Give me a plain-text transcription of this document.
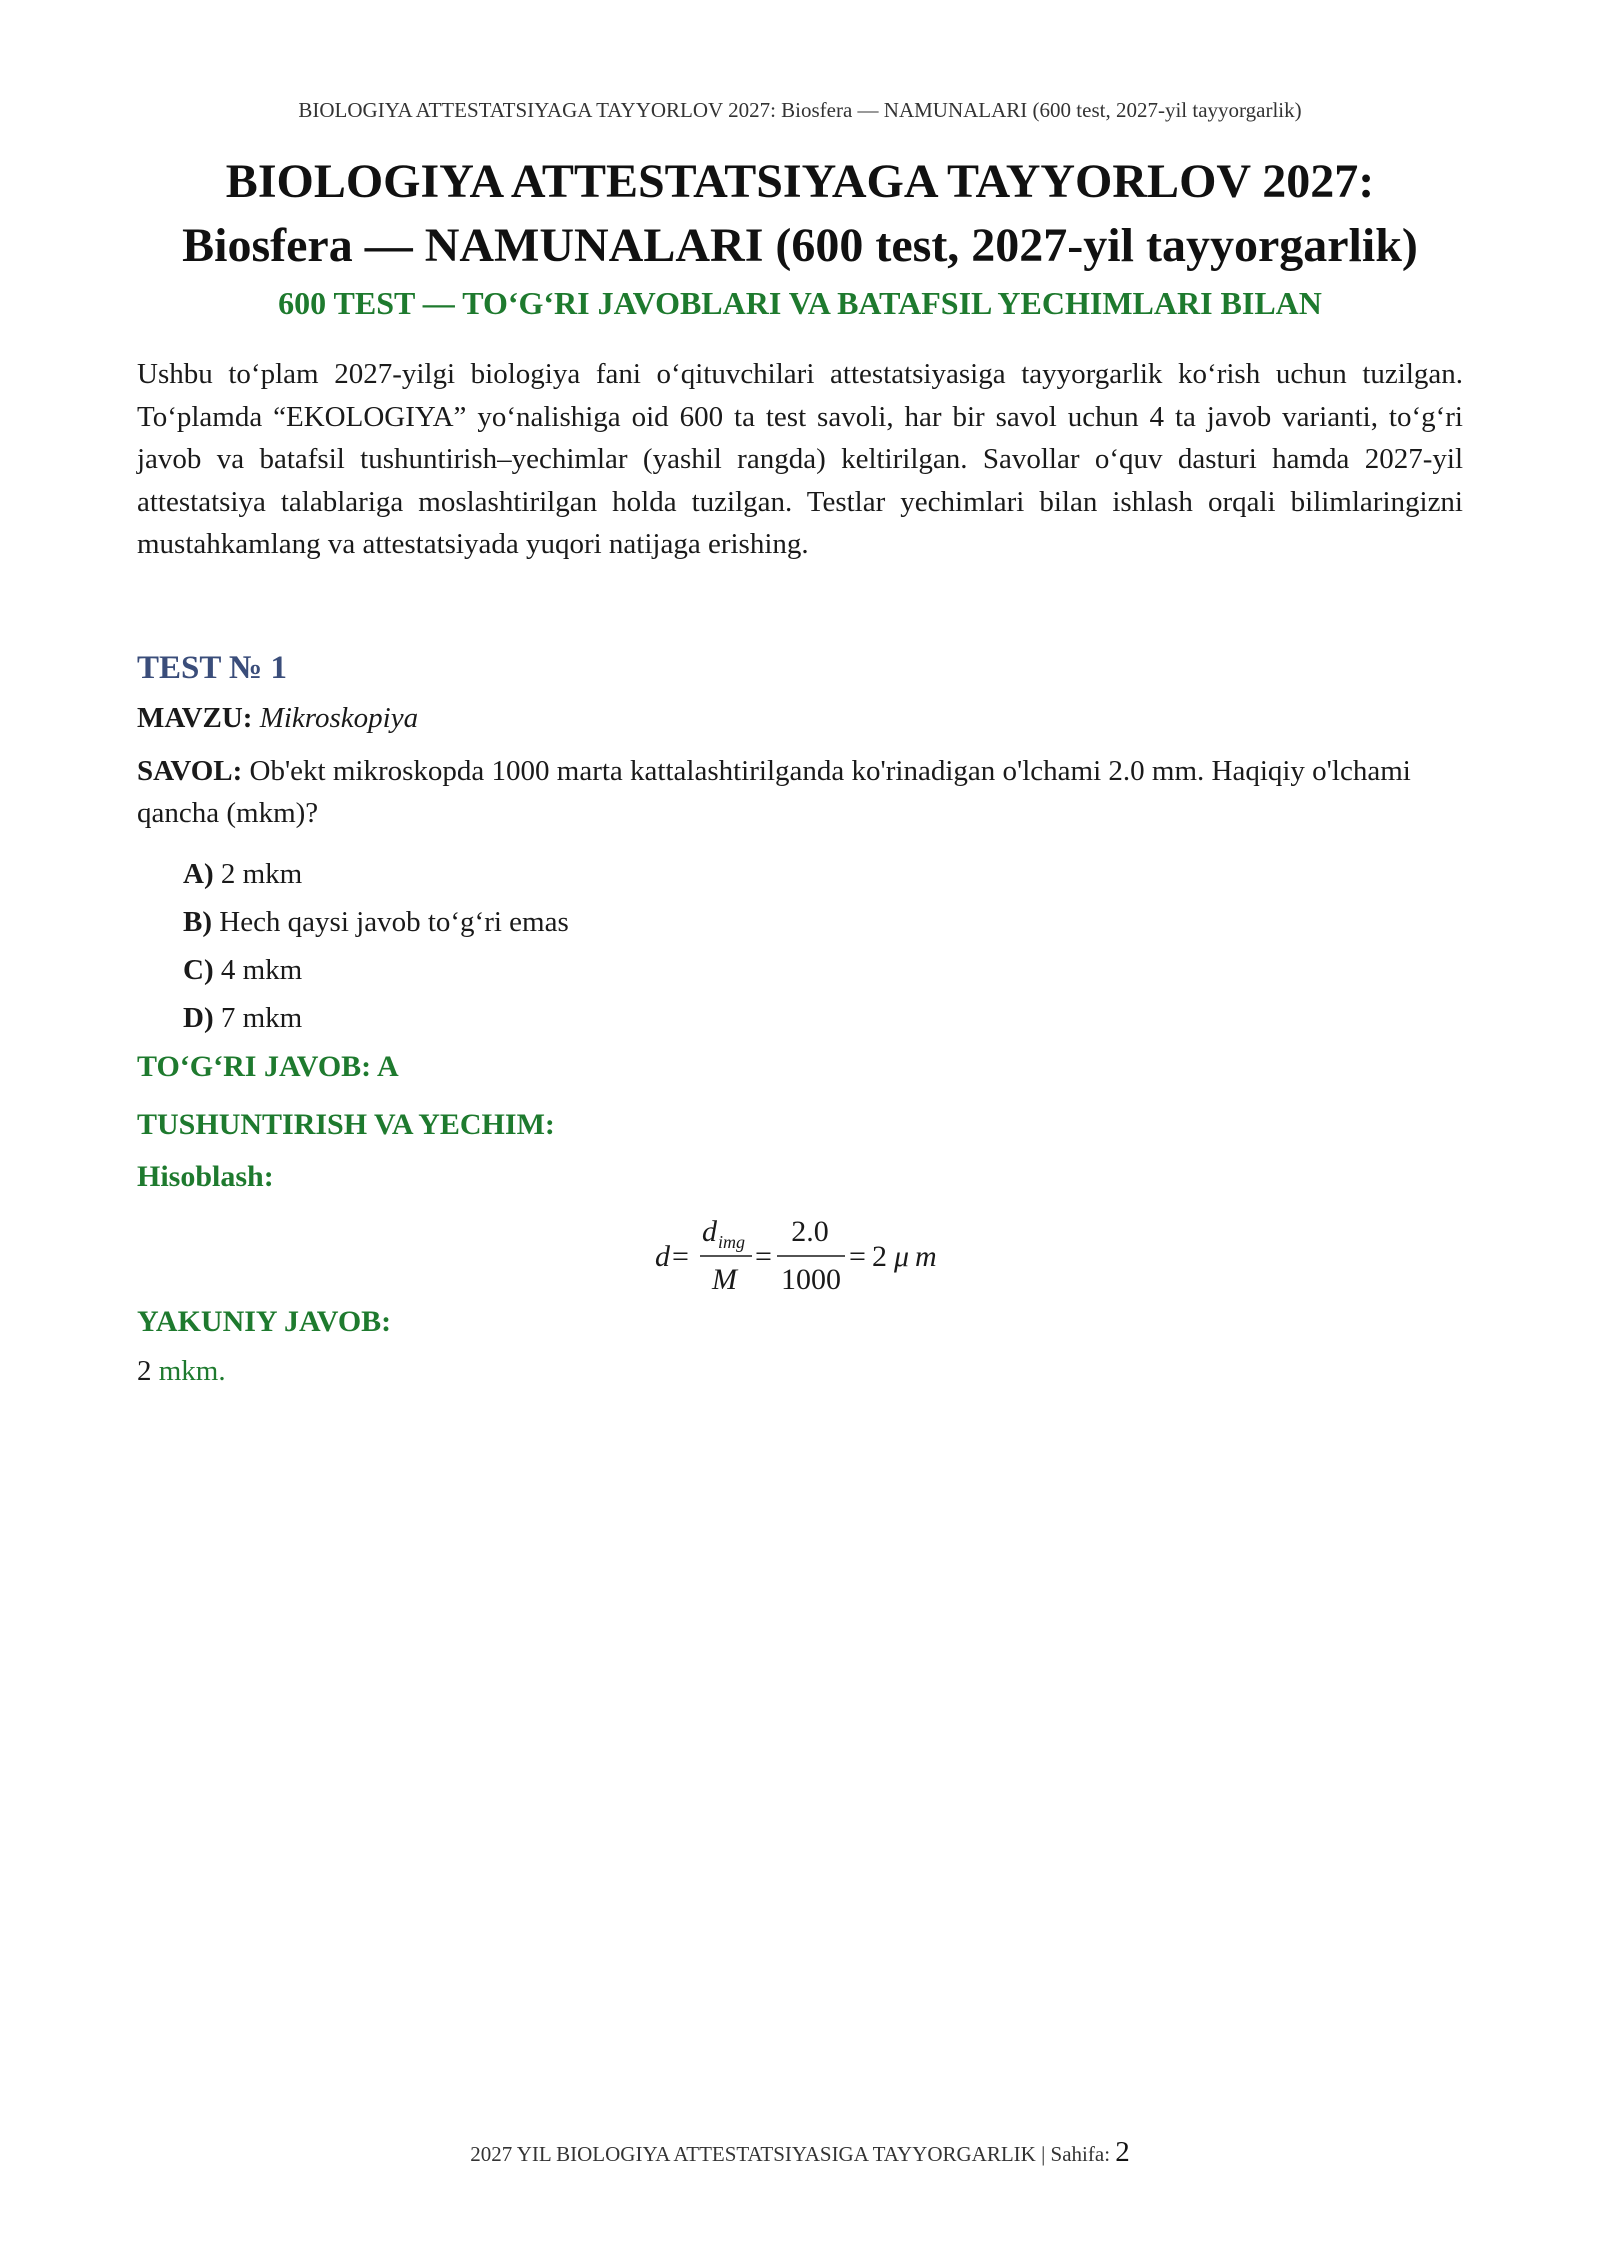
BIOLOGIYA ATTESTATSIYAGA TAYYORLOV 2027: Biosfera — NAMUNALARI (600 test, 2027-yil tayyorgarlik)
BIOLOGIYA ATTESTATSIYAGA TAYYORLOV 2027:
Biosfera — NAMUNALARI (600 test, 2027-yil tayyorgarlik)
600 TEST — TO‘G‘RI JAVOBLARI VA BATAFSIL YECHIMLARI BILAN
Ushbu to‘plam 2027-yilgi biologiya fani o‘qituvchilari attestatsiyasiga tayyorgarlik ko‘rish uchun tuzilgan. To‘plamda “EKOLOGIYA” yo‘nalishiga oid 600 ta test savoli, har bir savol uchun 4 ta javob varianti, to‘g‘ri javob va batafsil tushuntirish–yechimlar (yashil rangda) keltirilgan. Savollar o‘quv dasturi hamda 2027-yil attestatsiya talablariga moslashtirilgan holda tuzilgan. Testlar yechimlari bilan ishlash orqali bilimlaringizni mustahkamlang va attestatsiyada yuqori natijaga erishing.
TEST № 1
MAVZU: Mikroskopiya
SAVOL: Ob'ekt mikroskopda 1000 marta kattalashtirilganda ko'rinadigan o'lchami 2.0 mm. Haqiqiy o'lchami qancha (mkm)?
A) 2 mkm
B) Hech qaysi javob to‘g‘ri emas
C) 4 mkm
D) 7 mkm
TO‘G‘RI JAVOB: A
TUSHUNTIRISH VA YECHIM:
Hisoblash:
d =
d img
M
=
2.0
1000
= 2 μ m
YAKUNIY JAVOB:
2 mkm.
2027 YIL BIOLOGIYA ATTESTATSIYASIGA TAYYORGARLIK | Sahifa: 2
